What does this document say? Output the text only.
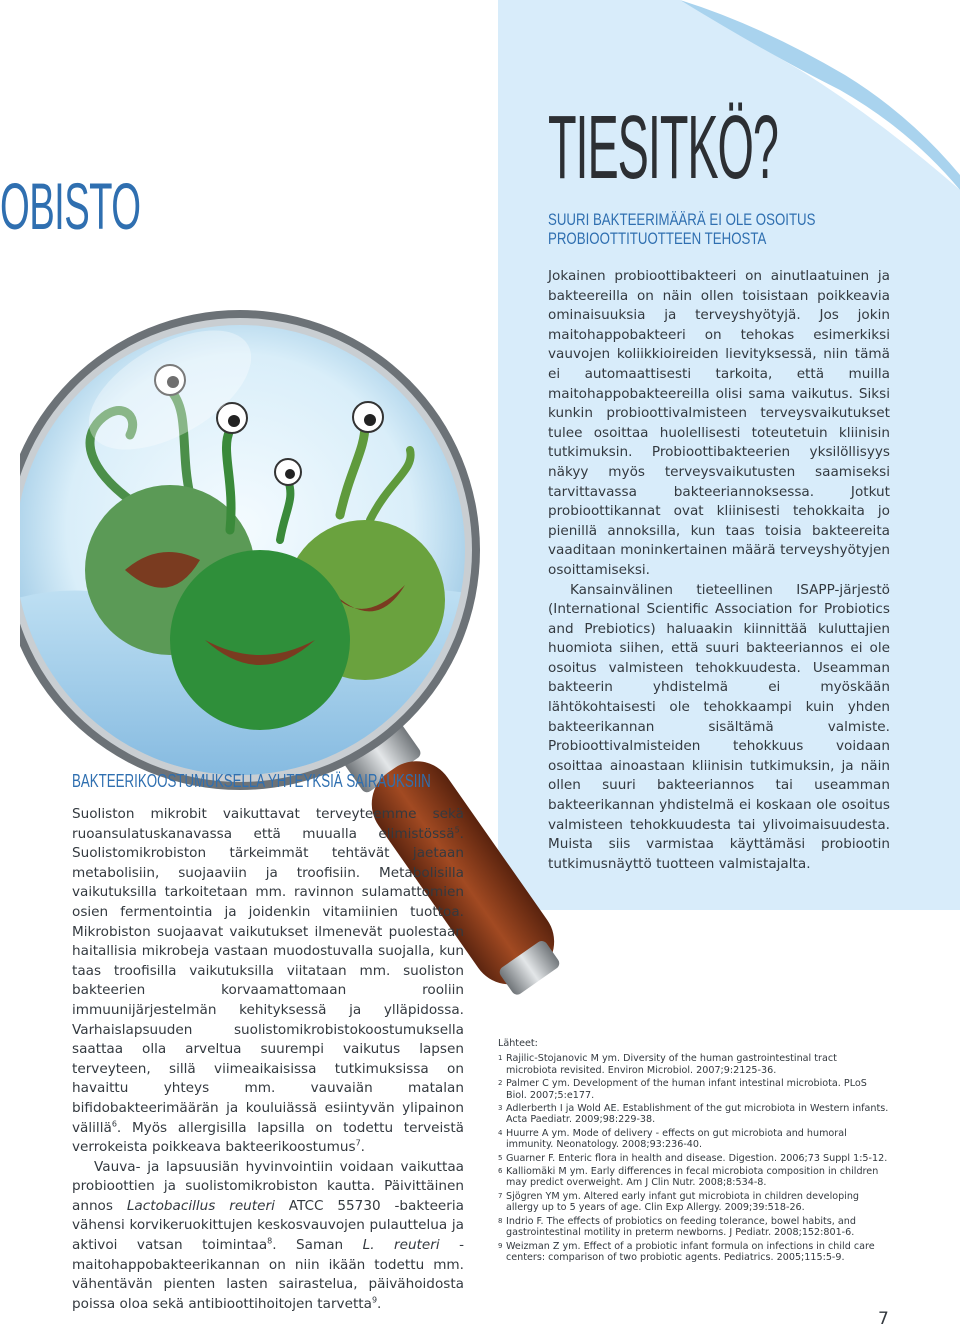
OBISTO
TIESITKÖ?
SUURI BAKTEERIMÄÄRÄ EI OLE OSOITUS PROBIOOTTITUOTTEEN TEHOSTA

Jokainen probioottibakteeri on ainutlaatuinen ja bakteereilla on näin ollen toisistaan poikkeavia ominaisuuksia ja terveyshyötyjä. Jos jokin maitohappobakteeri on tehokas esimerkiksi vauvojen koliikkioireiden lievityksessä, niin tämä ei automaattisesti tarkoita, että muilla maitohappobakteereilla olisi sama vaikutus. Siksi kunkin probioottivalmisteen terveysvaikutukset tulee osoittaa huolellisesti toteutetuin kliinisin tutkimuksin. Probioottibakteerien yksilöllisyys näkyy myös terveysvaikutusten saamiseksi tarvittavassa bakteeriannoksessa. Jotkut probioottikannat ovat kliinisesti tehokkaita jo pienillä annoksilla, kun taas toisia bakteereita vaaditaan moninkertainen määrä terveyshyötyjen osoittamiseksi.

Kansainvälinen tieteellinen ISAPP-järjestö (International Scientific Association for Probiotics and Prebiotics) haluaakin kiinnittää kuluttajien huomiota siihen, että suuri bakteeriannos ei ole osoitus valmisteen tehokkuudesta. Useamman bakteerin yhdistelmä ei myöskään lähtökohtaisesti ole tehokkaampi kuin yhden bakteerikannan sisältämä valmiste. Probioottivalmisteiden tehokkuus voidaan osoittaa ainoastaan kliinisin tutkimuksin, ja näin ollen suuri bakteeriannos tai useamman bakteerikannan yhdistelmä ei koskaan ole osoitus valmisteen tehokkuudesta tai ylivoimaisuudesta. Muista siis varmistaa käyttämäsi probiootin tutkimusnäyttö tuotteen valmistajalta.

BAKTEERIKOOSTUMUKSELLA YHTEYKSIÄ SAIRAUKSIIN

Suoliston mikrobit vaikuttavat terveyteemme sekä ruoansulatuskanavassa että muualla elimistössä$^5$. Suolistomikrobiston tärkeimmät tehtävät jaetaan metabolisiin, suojaaviin ja troofisiin. Metabolisilla vaikutuksilla tarkoitetaan mm. ravinnon sulamattomien osien fermentointia ja joidenkin vitamiinien tuottoa. Mikrobiston suojaavat vaikutukset ilmenevät puolestaan haitallisia mikrobeja vastaan muodostuvalla suojalla, kun taas troofisilla vaikutuksilla viitataan mm. suoliston bakteerien korvaamattomaan rooliin immuunijärjestelmän kehityksessä ja ylläpidossa. Varhaislapsuuden suolistomikrobistokoostumuksella saattaa olla arveltua suurempi vaikutus lapsen terveyteen, sillä viimeaikaisissa tutkimuksissa on havaittu yhteys mm. vauvaiän matalan bifidobakteerimäärän ja kouluiässä esiintyvän ylipainon välillä$^6$. Myös allergisilla lapsilla on todettu terveistä verrokeista poikkeava bakteerikoostumus$^7$.

Vauva- ja lapsuusiän hyvinvointiin voidaan vaikuttaa probioottien ja suolistomikrobiston kautta. Päivittäinen annos Lactobacillus reuteri ATCC 55730 -bakteeria vähensi korvikeruokittujen keskosvauvojen pulauttelua ja aktivoi vatsan toimintaa$^8$. Saman L. reuteri -maitohappobakteerikannan on niin ikään todettu mm. vähentävän pienten lasten sairastelua, päivähoidosta poissa oloa sekä antibioottihoitojen tarvetta$^9$.

Lähteet:
1 Rajilic-Stojanovic M ym. Diversity of the human gastrointestinal tract microbiota revisited. Environ Microbiol. 2007;9:2125-36.
2 Palmer C ym. Development of the human infant intestinal microbiota. PLoS Biol. 2007;5:e177.
3 Adlerberth I ja Wold AE. Establishment of the gut microbiota in Western infants. Acta Paediatr. 2009;98:229-38.
4 Huurre A ym. Mode of delivery - effects on gut microbiota and humoral immunity. Neonatology. 2008;93:236-40.
5 Guarner F. Enteric flora in health and disease. Digestion. 2006;73 Suppl 1:5-12.
6 Kalliomäki M ym. Early differences in fecal microbiota composition in children may predict overweight. Am J Clin Nutr. 2008;8:534-8.
7 Sjögren YM ym. Altered early infant gut microbiota in children developing allergy up to 5 years of age. Clin Exp Allergy. 2009;39:518-26.
8 Indrio F. The effects of probiotics on feeding tolerance, bowel habits, and gastrointestinal motility in preterm newborns. J Pediatr. 2008;152:801-6.
9 Weizman Z ym. Effect of a probiotic infant formula on infections in child care centers: comparison of two probiotic agents. Pediatrics. 2005;115:5-9.
7
